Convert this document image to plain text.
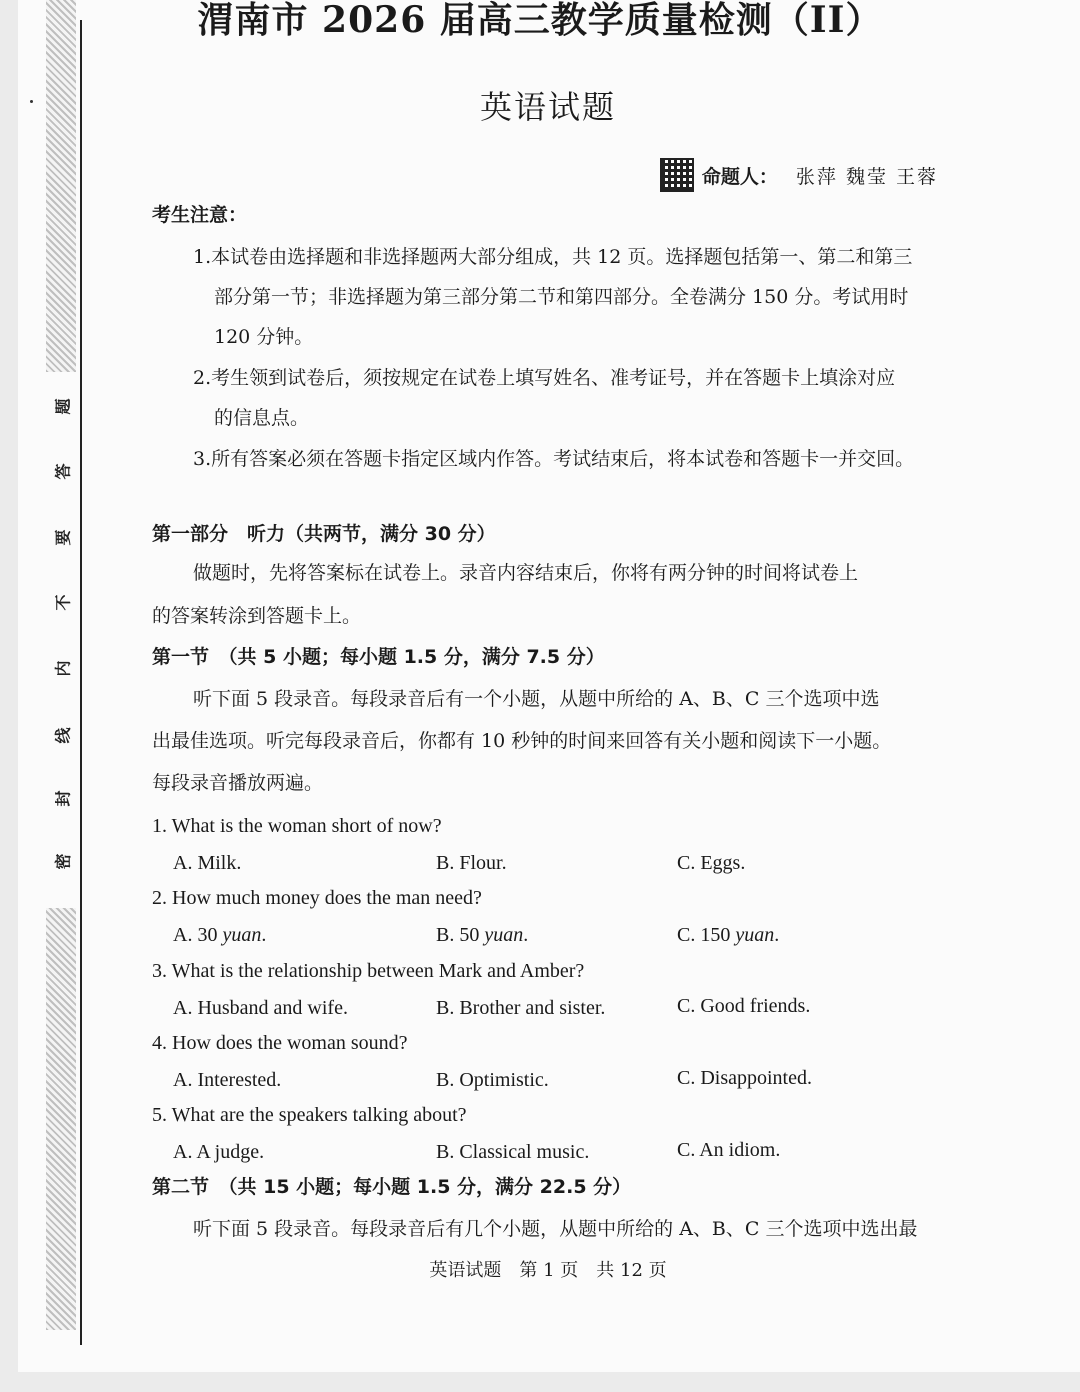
密
封
线
内
不
要
答
题
渭南市 2026 届高三教学质量检测（II）
英语试题
命题人： 张萍 魏莹 王蓉
考生注意：
1.本试卷由选择题和非选择题两大部分组成，共 12 页。选择题包括第一、第二和第三
部分第一节；非选择题为第三部分第二节和第四部分。全卷满分 150 分。考试用时
120 分钟。
2.考生领到试卷后，须按规定在试卷上填写姓名、准考证号，并在答题卡上填涂对应
的信息点。
3.所有答案必须在答题卡指定区域内作答。考试结束后，将本试卷和答题卡一并交回。
第一部分　听力（共两节，满分 30 分）
做题时，先将答案标在试卷上。录音内容结束后，你将有两分钟的时间将试卷上
的答案转涂到答题卡上。
第一节　（共 5 小题；每小题 1.5 分，满分 7.5 分）
听下面 5 段录音。每段录音后有一个小题，从题中所给的 A、B、C 三个选项中选
出最佳选项。听完每段录音后，你都有 10 秒钟的时间来回答有关小题和阅读下一小题。
每段录音播放两遍。
1. What is the woman short of now?
A. Milk.	B. Flour.	C. Eggs.
2. How much money does the man need?
A. 30 yuan.	B. 50 yuan.	C. 150 yuan.
3. What is the relationship between Mark and Amber?
A. Husband and wife.	B. Brother and sister.	C. Good friends.
4. How does the woman sound?
A. Interested.	B. Optimistic.	C. Disappointed.
5. What are the speakers talking about?
A. A judge.	B. Classical music.	C. An idiom.
第二节　（共 15 小题；每小题 1.5 分，满分 22.5 分）
听下面 5 段录音。每段录音后有几个小题，从题中所给的 A、B、C 三个选项中选出最
英语试题　第 1 页　共 12 页
